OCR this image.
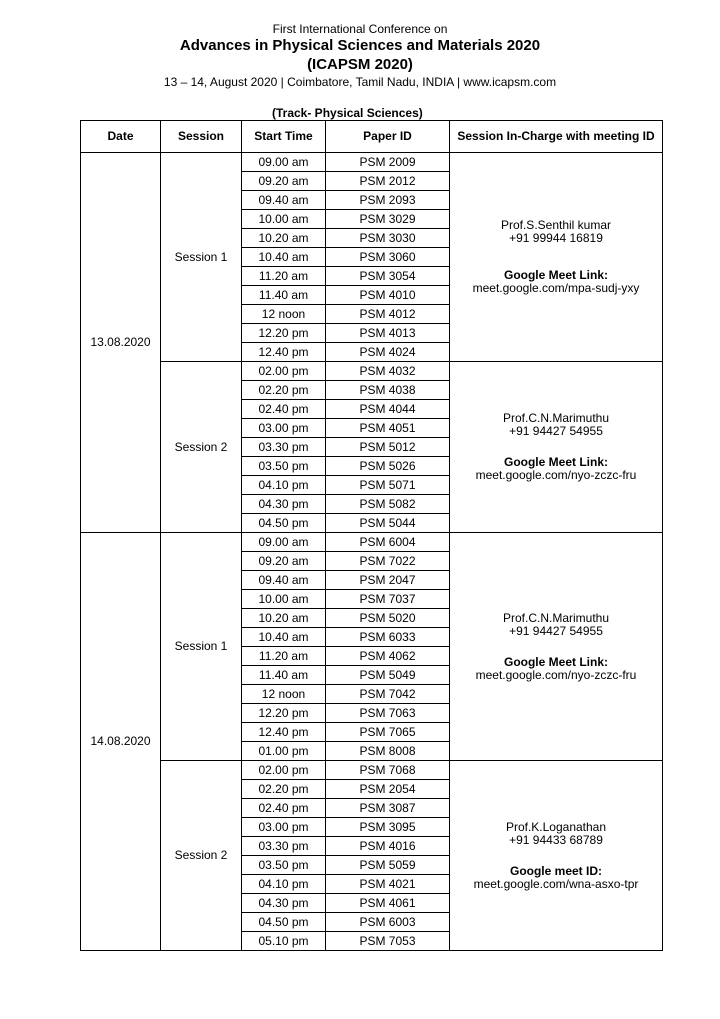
First International Conference on
Advances in Physical Sciences and Materials 2020
(ICAPSM 2020)
13 – 14, August 2020 | Coimbatore, Tamil Nadu, INDIA | www.icapsm.com
(Track- Physical Sciences)
Date	Session	Start Time	Paper ID	Session In-Charge with meeting ID
13.08.2020	Session 1	09.00 am	PSM 2009	Prof.S.Senthil kumar
+91 99944 16819
Google Meet Link:
meet.google.com/mpa-sudj-yxy

		09.20 am	PSM 2012	
		09.40 am	PSM 2093	
		10.00 am	PSM 3029	
		10.20 am	PSM 3030	
		10.40 am	PSM 3060	
		11.20 am	PSM 3054	
		11.40 am	PSM 4010	
		12 noon	PSM 4012	
		12.20 pm	PSM 4013	
		12.40 pm	PSM 4024	
	Session 2	02.00 pm	PSM 4032	Prof.C.N.Marimuthu
+91 94427 54955
Google Meet Link:
meet.google.com/nyo-zczc-fru

		02.20 pm	PSM 4038	
		02.40 pm	PSM 4044	
		03.00 pm	PSM 4051	
		03.30 pm	PSM 5012	
		03.50 pm	PSM 5026	
		04.10 pm	PSM 5071	
		04.30 pm	PSM 5082	
		04.50 pm	PSM 5044	
14.08.2020	Session 1	09.00 am	PSM 6004	Prof.C.N.Marimuthu
+91 94427 54955
Google Meet Link:
meet.google.com/nyo-zczc-fru

		09.20 am	PSM 7022	
		09.40 am	PSM 2047	
		10.00 am	PSM 7037	
		10.20 am	PSM 5020	
		10.40 am	PSM 6033	
		11.20 am	PSM 4062	
		11.40 am	PSM 5049	
		12 noon	PSM 7042	
		12.20 pm	PSM 7063	
		12.40 pm	PSM 7065	
		01.00 pm	PSM 8008	
	Session 2	02.00 pm	PSM 7068	Prof.K.Loganathan
+91 94433 68789
Google meet ID:
meet.google.com/wna-asxo-tpr

		02.20 pm	PSM 2054	
		02.40 pm	PSM 3087	
		03.00 pm	PSM 3095	
		03.30 pm	PSM 4016	
		03.50 pm	PSM 5059	
		04.10 pm	PSM 4021	
		04.30 pm	PSM 4061	
		04.50 pm	PSM 6003	
		05.10 pm	PSM 7053	
